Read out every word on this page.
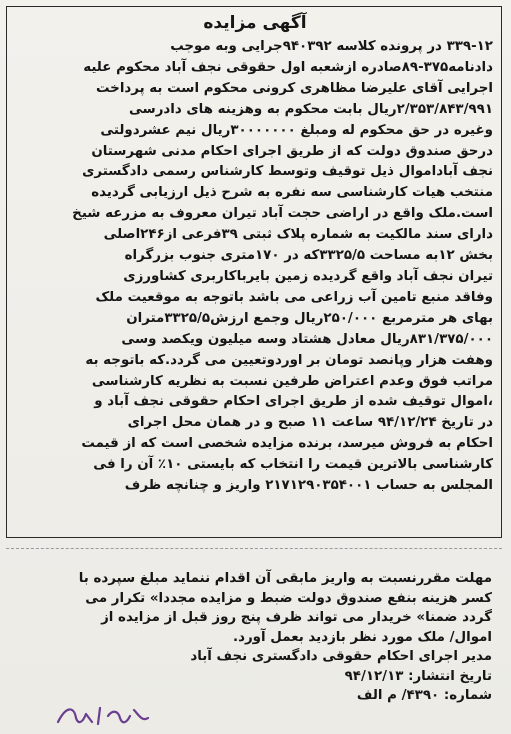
آگهی مزایده
۳۳۹-۱۲ در پرونده کلاسه ۹۴۰۳۹۲جرایی وبه موجب
دادنامه۳۷۵-۸۹صادره ازشعبه اول حقوقی نجف آباد محکوم علیه
اجرایی آقای علیرضا مظاهری کرونی محکوم است به پرداخت
۲/۳۵۳/۸۴۳/۹۹۱ریال بابت محکوم به وهزینه های دادرسی
وغیره در حق محکوم له ومبلغ ۳۰۰۰۰۰۰۰ریال نیم عشردولتی
درحق صندوق دولت که از طریق اجرای احکام مدنی شهرستان
نجف آباداموال ذیل توقیف وتوسط کارشناس رسمی دادگستری
منتخب هیات کارشناسی سه نفره به شرح ذیل ارزیابی گردیده
است.ملک واقع در اراضی حجت آباد تیران معروف به مزرعه شیخ
دارای سند مالکیت به شماره پلاک ثبتی ۳۹فرعی از۲۴۶اصلی
بخش ۱۲به مساحت ۳۳۲۵/۵که در ۱۷۰متری جنوب بزرگراه
تیران نجف آباد واقع گردیده زمین بایرباکاربری کشاورزی
وفاقد منبع تامین آب زراعی می باشد باتوجه به موقعیت ملک
بهای هر مترمربع ۲۵۰/۰۰۰ریال وجمع ارزش۳۳۲۵/۵متران
۸۳۱/۳۷۵/۰۰۰ریال معادل هشتاد وسه میلیون ویکصد وسی
وهفت هزار وپانصد تومان بر اوردوتعیین می گردد.که باتوجه به
مراتب فوق وعدم اعتراض طرفین نسبت به نظریه کارشناسی
،اموال توقیف شده از طریق اجرای احکام حقوقی نجف آباد و
در تاریخ ۹۴/۱۲/۲۴ ساعت ۱۱ صبح و در همان محل اجرای
احکام به فروش میرسد، برنده مزایده شخصی است که از قیمت
کارشناسی بالاترین قیمت را انتخاب که بایستی ۱۰٪ آن را فی
المجلس به حساب ۲۱۷۱۲۹۰۳۵۴۰۰۱ واریز و چنانچه ظرف
مهلت مقررنسبت به واریز مابقی آن اقدام ننماید مبلغ سپرده با
کسر هزینه بنفع صندوق دولت ضبط و مزایده مجددا» تکرار می
گردد ضمنا» خریدار می تواند ظرف پنج روز قبل از مزایده از
اموال/ ملک مورد نظر بازدید بعمل آورد.
مدیر اجرای احکام حقوقی دادگستری نجف آباد
تاریخ انتشار: ۹۴/۱۲/۱۳
شماره: ۴۳۹۰/ م الف
